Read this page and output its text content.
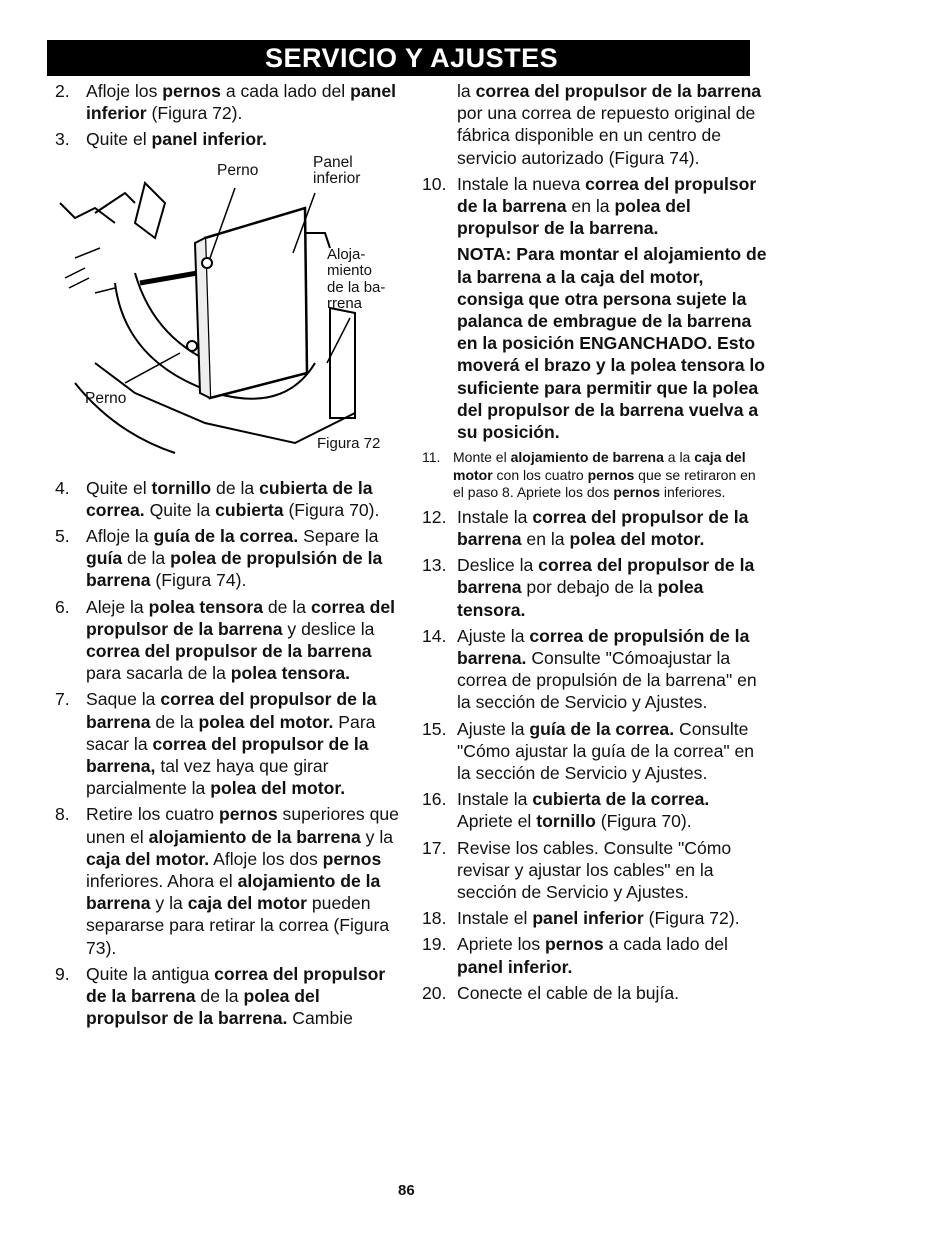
SERVICIO Y AJUSTES
2. Afloje los pernos a cada lado del panel inferior (Figura 72).
3. Quite el panel inferior.
Perno	Panel inferior
Aloja- miento de la ba- rrena
Perno
Figura 72
4. Quite el tornillo de la cubierta de la correa. Quite la cubierta (Figura 70).
5. Afloje la guía de la correa. Separe la guía de la polea de propulsión de la barrena (Figura 74).
6. Aleje la polea tensora de la correa del propulsor de la barrena y deslice la correa del propulsor de la barrena para sacarla de la polea tensora.
7. Saque la correa del propulsor de la barrena de la polea del motor. Para sacar la correa del propulsor de la barrena, tal vez haya que girar parcialmente la polea del motor.
8. Retire los cuatro pernos superiores que unen el alojamiento de la barrena y la caja del motor. Afloje los dos pernos inferiores. Ahora el alojamiento de la barrena y la caja del motor pueden separarse para retirar la correa (Figura 73).
9. Quite la antigua correa del propulsor de la barrena de la polea del propulsor de la barrena. Cambie
la correa del propulsor de la barrena por una correa de repuesto original de fábrica disponible en un centro de servicio autorizado (Figura 74).
10. Instale la nueva correa del propulsor de la barrena en la polea del propulsor de la barrena.
NOTA: Para montar el alojamiento de la barrena a la caja del motor, consiga que otra persona sujete la palanca de embrague de la barrena en la posición ENGANCHADO. Esto moverá el brazo y la polea tensora lo suficiente para permitir que la polea del propulsor de la barrena vuelva a su posición.
11. Monte el alojamiento de barrena a la caja del motor con los cuatro pernos que se retiraron en el paso 8. Apriete los dos pernos inferiores.
12. Instale la correa del propulsor de la barrena en la polea del motor.
13. Deslice la correa del propulsor de la barrena por debajo de la polea tensora.
14. Ajuste la correa de propulsión de la barrena. Consulte "Cómoajustar la correa de propulsión de la barrena" en la sección de Servicio y Ajustes.
15. Ajuste la guía de la correa. Consulte "Cómo ajustar la guía de la correa" en la sección de Servicio y Ajustes.
16. Instale la cubierta de la correa. Apriete el tornillo (Figura 70).
17. Revise los cables. Consulte "Cómo revisar y ajustar los cables" en la sección de Servicio y Ajustes.
18. Instale el panel inferior (Figura 72).
19. Apriete los pernos a cada lado del panel inferior.
20. Conecte el cable de la bujía.
86
